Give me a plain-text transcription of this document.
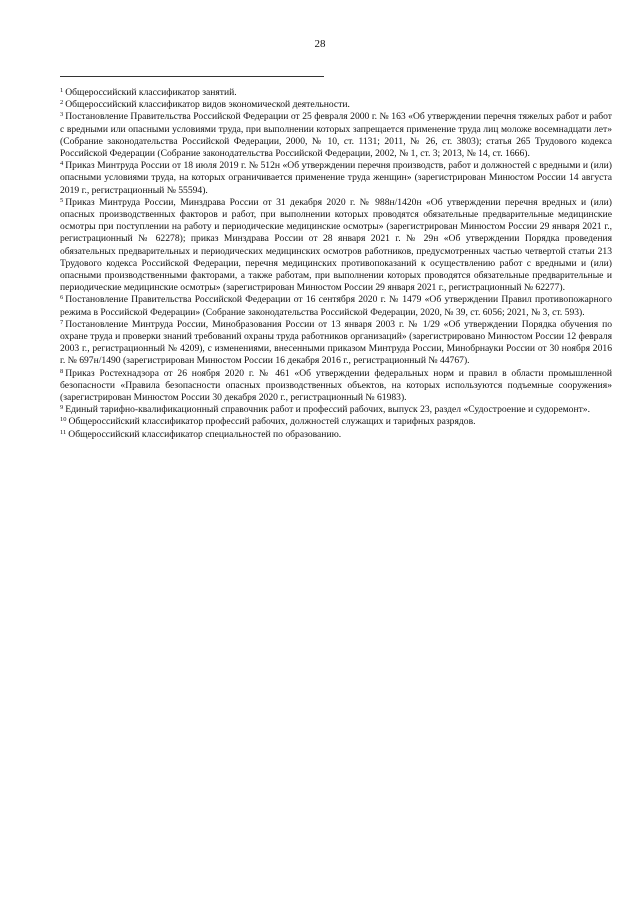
28

$^1$ Общероссийский классификатор занятий.

$^2$ Общероссийский классификатор видов экономической деятельности.

$^3$ Постановление Правительства Российской Федерации от 25 февраля 2000 г. № 163 «Об утверждении перечня тяжелых работ и работ с вредными или опасными условиями труда, при выполнении которых запрещается применение труда лиц моложе восемнадцати лет» (Собрание законодательства Российской Федерации, 2000, № 10, ст. 1131; 2011, № 26, ст. 3803); статья 265 Трудового кодекса Российской Федерации (Собрание законодательства Российской Федерации, 2002, № 1, ст. 3; 2013, № 14, ст. 1666).

$^4$ Приказ Минтруда России от 18 июля 2019 г. № 512н «Об утверждении перечня производств, работ и должностей с вредными и (или) опасными условиями труда, на которых ограничивается применение труда женщин» (зарегистрирован Минюстом России 14 августа 2019 г., регистрационный № 55594).

$^5$ Приказ Минтруда России, Минздрава России от 31 декабря 2020 г. № 988н/1420н «Об утверждении перечня вредных и (или) опасных производственных факторов и работ, при выполнении которых проводятся обязательные предварительные медицинские осмотры при поступлении на работу и периодические медицинские осмотры» (зарегистрирован Минюстом России 29 января 2021 г., регистрационный № 62278); приказ Минздрава России от 28 января 2021 г. № 29н «Об утверждении Порядка проведения обязательных предварительных и периодических медицинских осмотров работников, предусмотренных частью четвертой статьи 213 Трудового кодекса Российской Федерации, перечня медицинских противопоказаний к осуществлению работ с вредными и (или) опасными производственными факторами, а также работам, при выполнении которых проводятся обязательные предварительные и периодические медицинские осмотры» (зарегистрирован Минюстом России 29 января 2021 г., регистрационный № 62277).

$^6$ Постановление Правительства Российской Федерации от 16 сентября 2020 г. № 1479 «Об утверждении Правил противопожарного режима в Российской Федерации» (Собрание законодательства Российской Федерации, 2020, № 39, ст. 6056; 2021, № 3, ст. 593).

$^7$ Постановление Минтруда России, Минобразования России от 13 января 2003 г. № 1/29 «Об утверждении Порядка обучения по охране труда и проверки знаний требований охраны труда работников организаций» (зарегистрировано Минюстом России 12 февраля 2003 г., регистрационный № 4209), с изменениями, внесенными приказом Минтруда России, Минобрнауки России от 30 ноября 2016 г. № 697н/1490 (зарегистрирован Минюстом России 16 декабря 2016 г., регистрационный № 44767).

$^8$ Приказ Ростехнадзора от 26 ноября 2020 г. № 461 «Об утверждении федеральных норм и правил в области промышленной безопасности «Правила безопасности опасных производственных объектов, на которых используются подъемные сооружения» (зарегистрирован Минюстом России 30 декабря 2020 г., регистрационный № 61983).

$^9$ Единый тарифно-квалификационный справочник работ и профессий рабочих, выпуск 23, раздел «Судостроение и судоремонт».

$^{10}$ Общероссийский классификатор профессий рабочих, должностей служащих и тарифных разрядов.

$^{11}$ Общероссийский классификатор специальностей по образованию.
